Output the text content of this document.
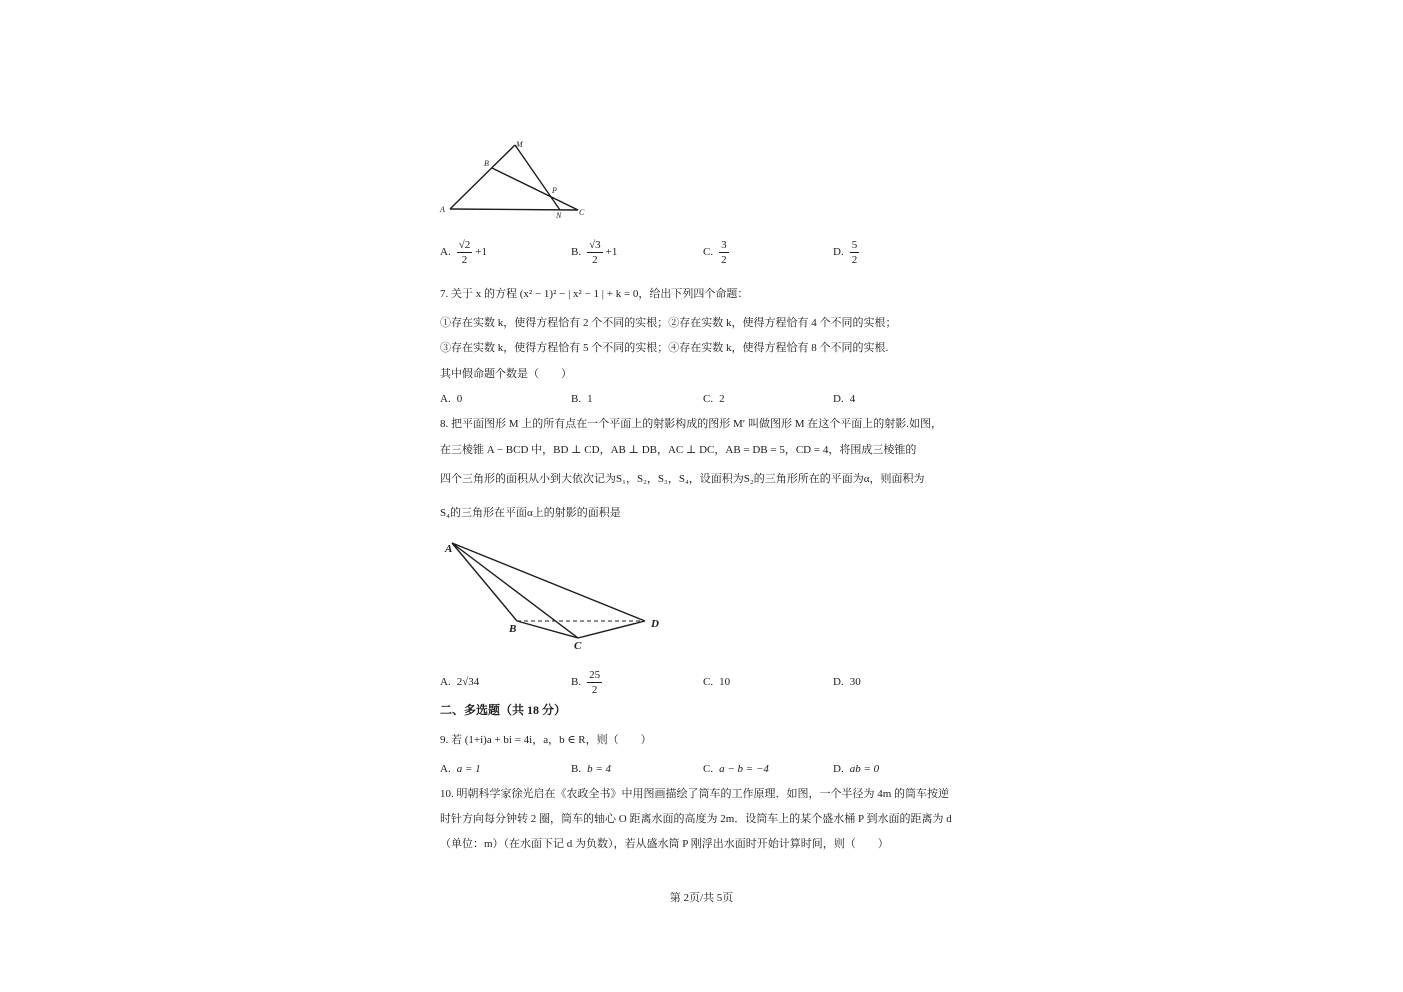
M
B
P
A
N C
A. $\frac{√2}{2} +1$	B. $\frac{√3}{2} +1$	C. $\frac{3}{2}$	D. $\frac{5}{2}$
7. 关于 x 的方程 (x² − 1)² − | x² − 1 | + k = 0，给出下列四个命题：
①存在实数 k，使得方程恰有 2 个不同的实根；②存在实数 k，使得方程恰有 4 个不同的实根；
③存在实数 k，使得方程恰有 5 个不同的实根；④存在实数 k，使得方程恰有 8 个不同的实根.
其中假命题个数是（　　）
A. 0	B. 1	C. 2	D. 4
8. 把平面图形 M 上的所有点在一个平面上的射影构成的图形 M′ 叫做图形 M 在这个平面上的射影.如图，
在三棱锥 A − BCD 中，BD ⊥ CD，AB ⊥ DB，AC ⊥ DC，AB = DB = 5，CD = 4，将围成三棱锥的
四个三角形的面积从小到大依次记为S₁，S₂，S₃，S₄，设面积为S₂的三角形所在的平面为α，则面积为
S₄的三角形在平面α上的射影的面积是
A
B
C
D
A. 2√34	B. $\frac{25}{2}$	C. 10	D. 30
二、多选题（共 18 分）
9. 若 (1+i)a + bi = 4i，a，b ∈ R，则（　　）
A. a = 1	B. b = 4	C. a − b = −4	D. ab = 0
10. 明朝科学家徐光启在《农政全书》中用图画描绘了筒车的工作原理．如图，一个半径为 4m 的筒车按逆
时针方向每分钟转 2 圈，筒车的轴心 O 距离水面的高度为 2m．设筒车上的某个盛水桶 P 到水面的距离为 d
（单位：m）（在水面下记 d 为负数），若从盛水筒 P 刚浮出水面时开始计算时间，则（　　）
第 2页/共 5页
